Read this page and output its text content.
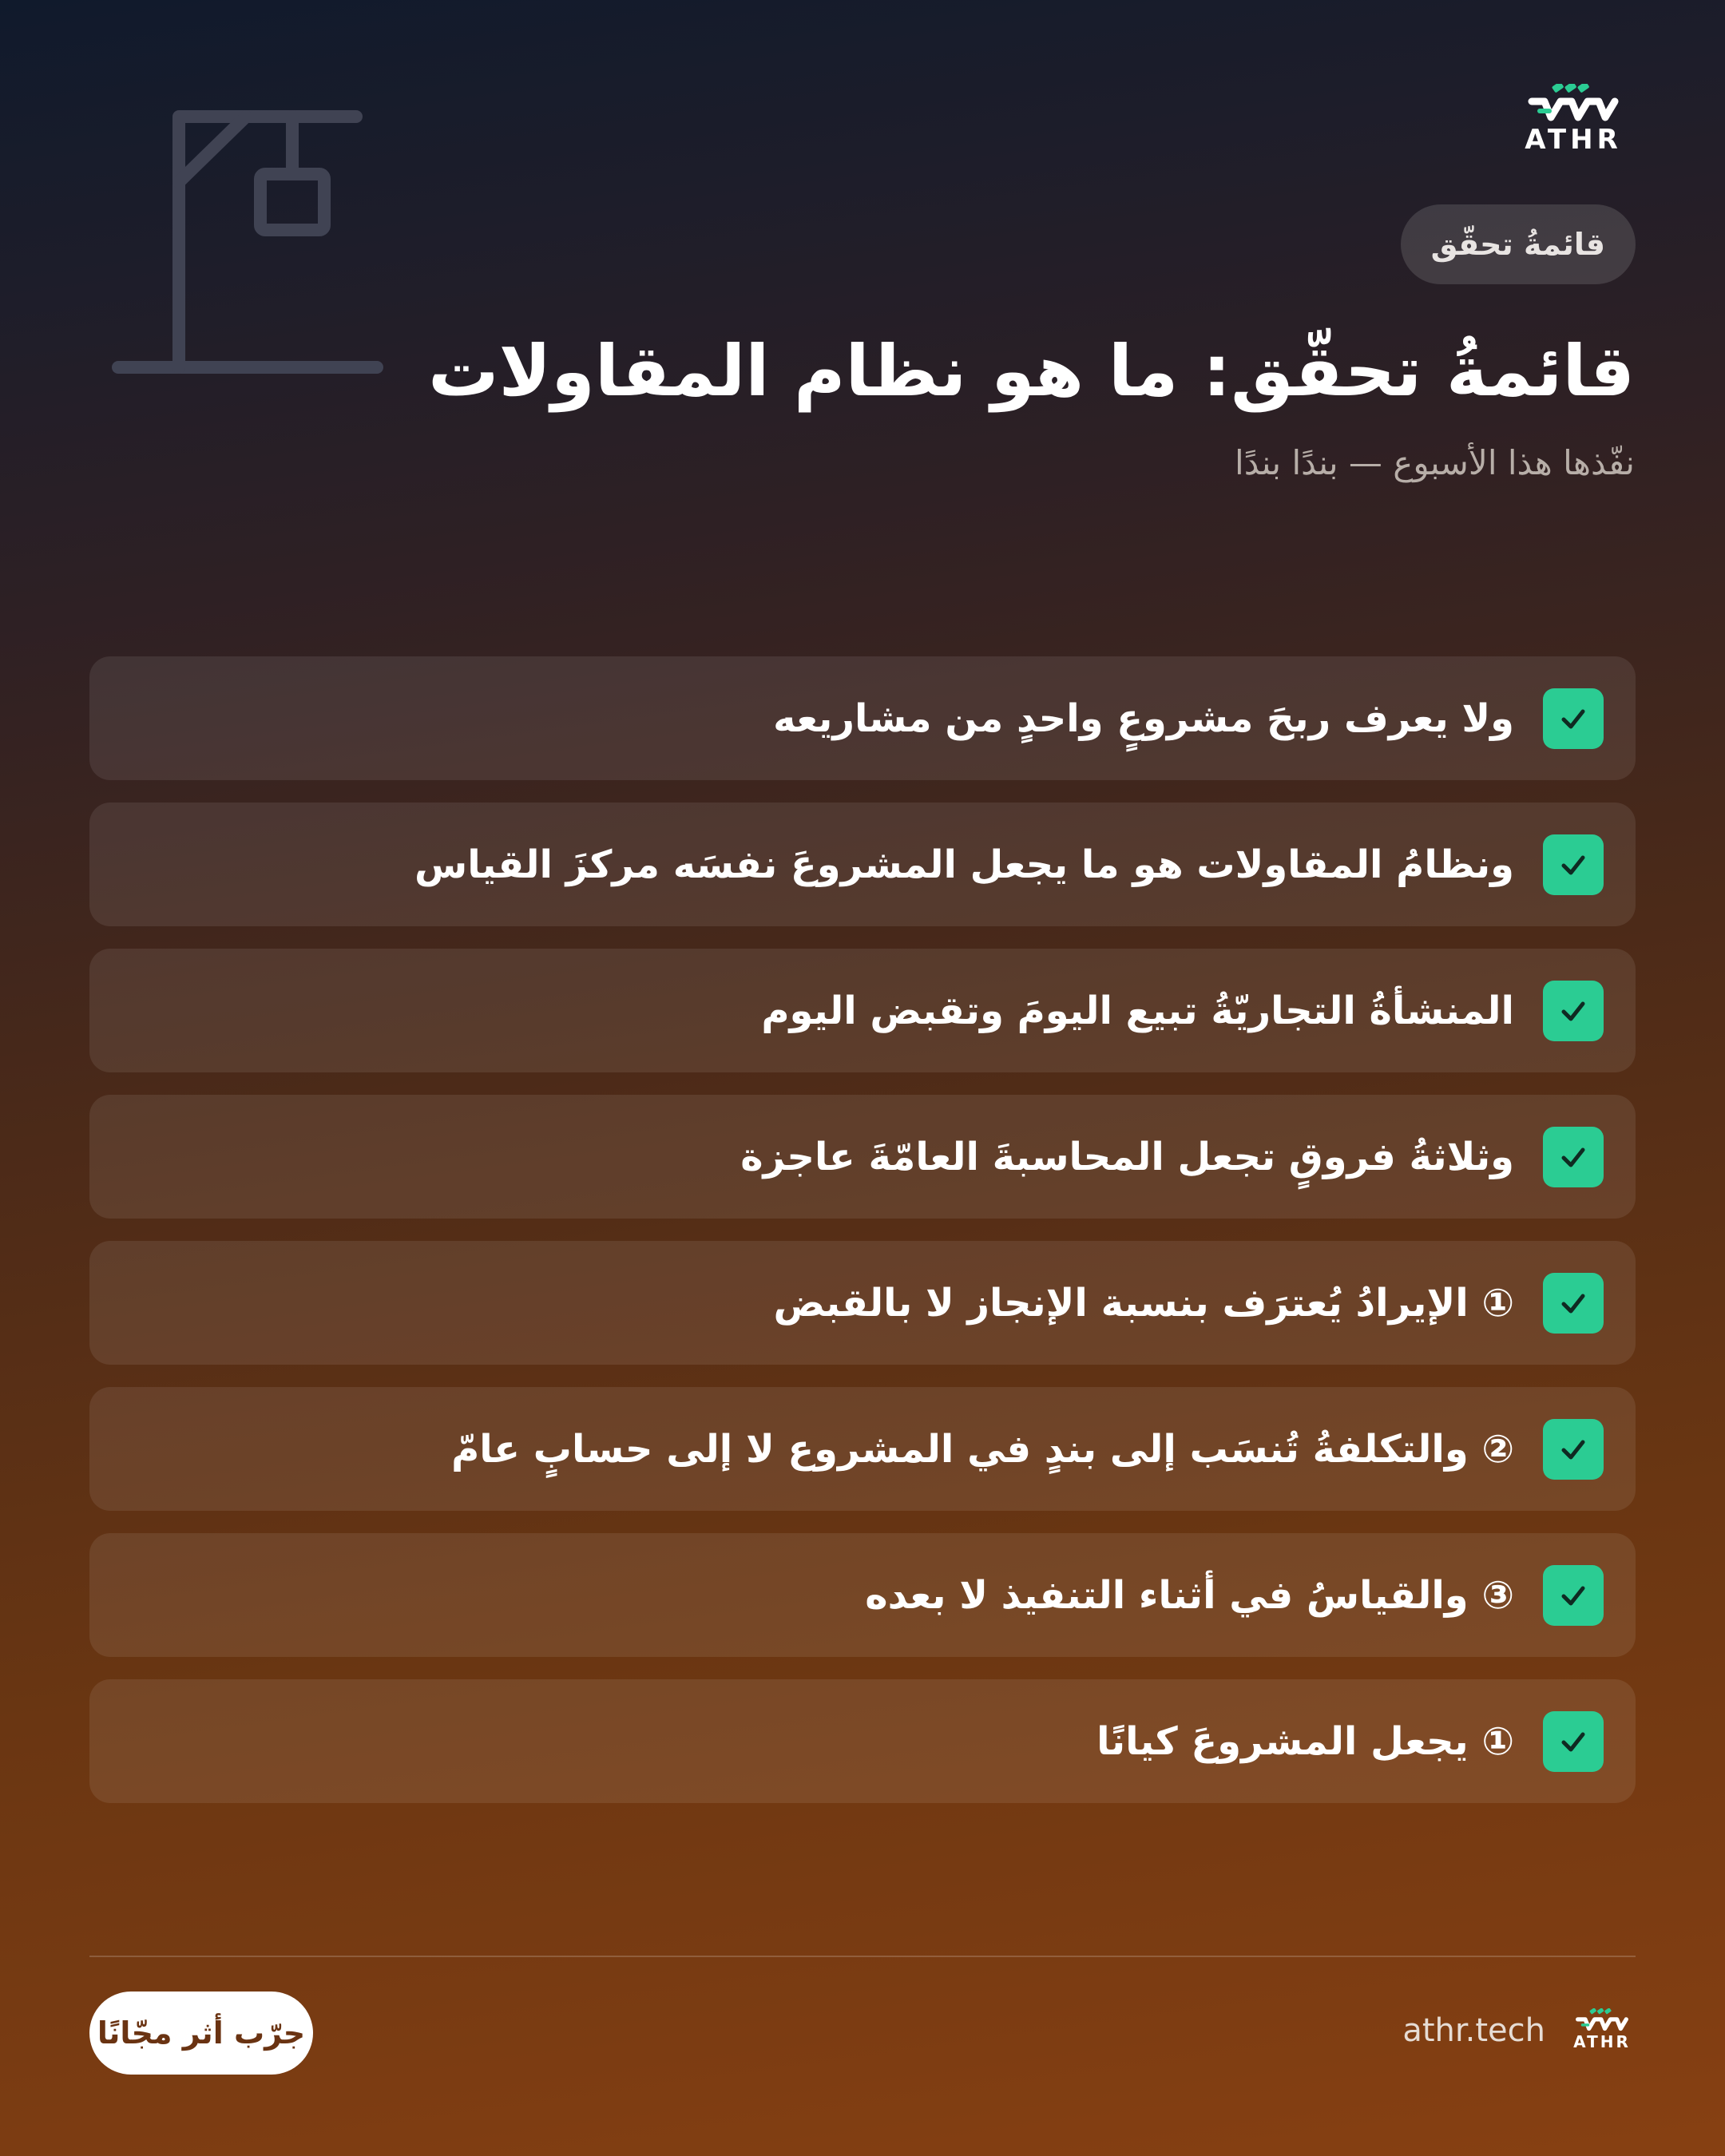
ATHR
قائمةُ تحقّق
قائمةُ تحقّق: ما هو نظام المقاولات
نفّذها هذا الأسبوع — بندًا بندًا
ولا يعرف ربحَ مشروعٍ واحدٍ من مشاريعه
ونظامُ المقاولات هو ما يجعل المشروعَ نفسَه مركزَ القياس
المنشأةُ التجاريّةُ تبيع اليومَ وتقبض اليوم
وثلاثةُ فروقٍ تجعل المحاسبةَ العامّةَ عاجزة
① الإيرادُ يُعترَف بنسبة الإنجاز لا بالقبض
② والتكلفةُ تُنسَب إلى بندٍ في المشروع لا إلى حسابٍ عامّ
③ والقياسُ في أثناء التنفيذ لا بعده
① يجعل المشروعَ كيانًا
ATHR
athr.tech
جرّب أثر مجّانًا
